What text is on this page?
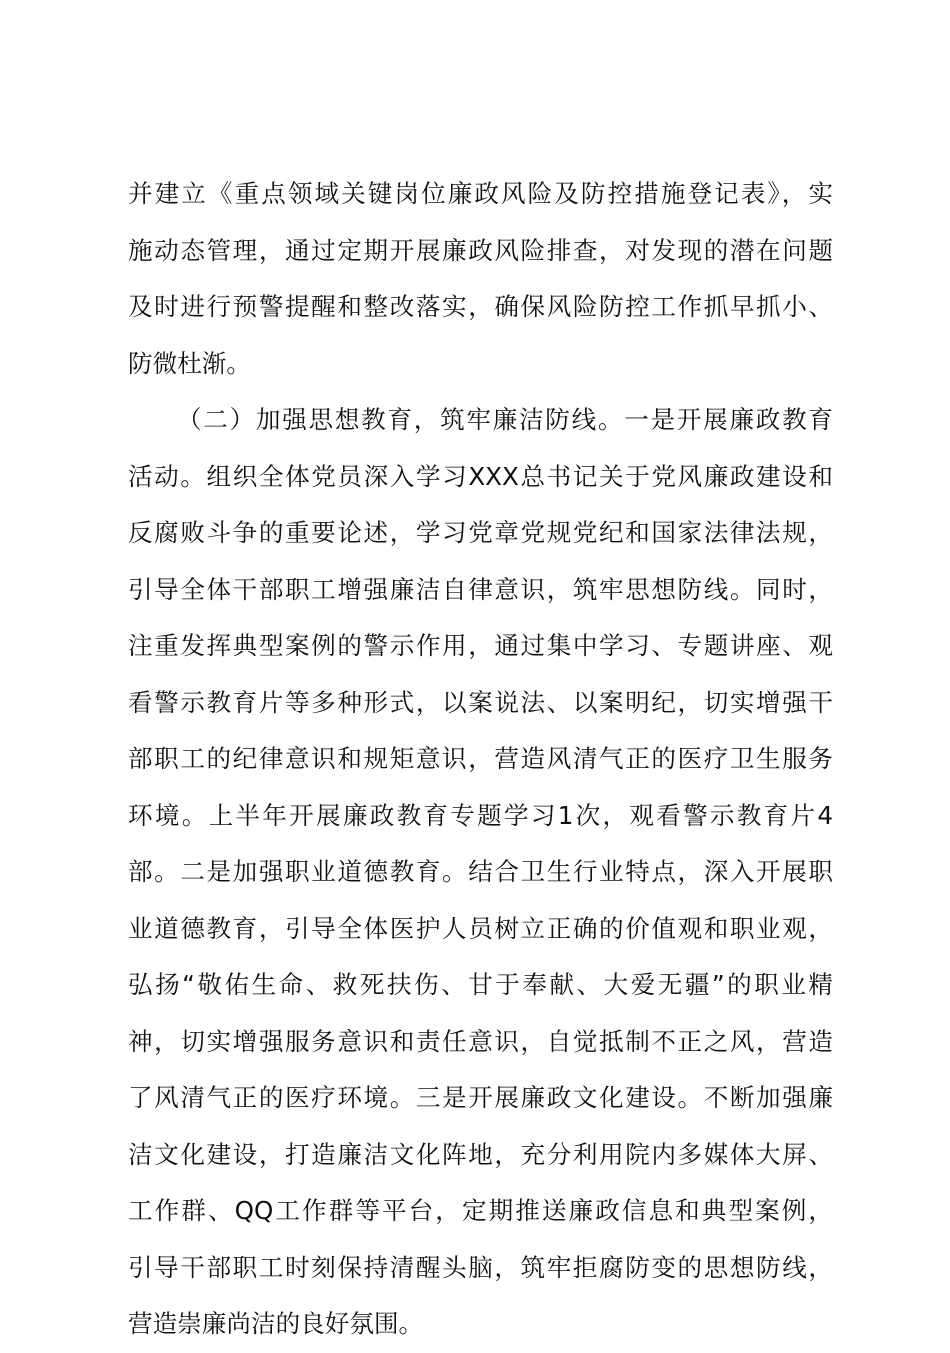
并建立《重点领域关键岗位廉政风险及防控措施登记表》，实
施动态管理，通过定期开展廉政风险排查，对发现的潜在问题
及时进行预警提醒和整改落实，确保风险防控工作抓早抓小、
防微杜渐。
（二）加强思想教育，筑牢廉洁防线。一是开展廉政教育
活动。组织全体党员深入学习XXX总书记关于党风廉政建设和
反腐败斗争的重要论述，学习党章党规党纪和国家法律法规，
引导全体干部职工增强廉洁自律意识，筑牢思想防线。同时，
注重发挥典型案例的警示作用，通过集中学习、专题讲座、观
看警示教育片等多种形式，以案说法、以案明纪，切实增强干
部职工的纪律意识和规矩意识，营造风清气正的医疗卫生服务
环境。上半年开展廉政教育专题学习1次，观看警示教育片4
部。二是加强职业道德教育。结合卫生行业特点，深入开展职
业道德教育，引导全体医护人员树立正确的价值观和职业观，
弘扬“敬佑生命、救死扶伤、甘于奉献、大爱无疆”的职业精
神，切实增强服务意识和责任意识，自觉抵制不正之风，营造
了风清气正的医疗环境。三是开展廉政文化建设。不断加强廉
洁文化建设，打造廉洁文化阵地，充分利用院内多媒体大屏、
工作群、QQ工作群等平台，定期推送廉政信息和典型案例，
引导干部职工时刻保持清醒头脑，筑牢拒腐防变的思想防线，
营造崇廉尚洁的良好氛围。
